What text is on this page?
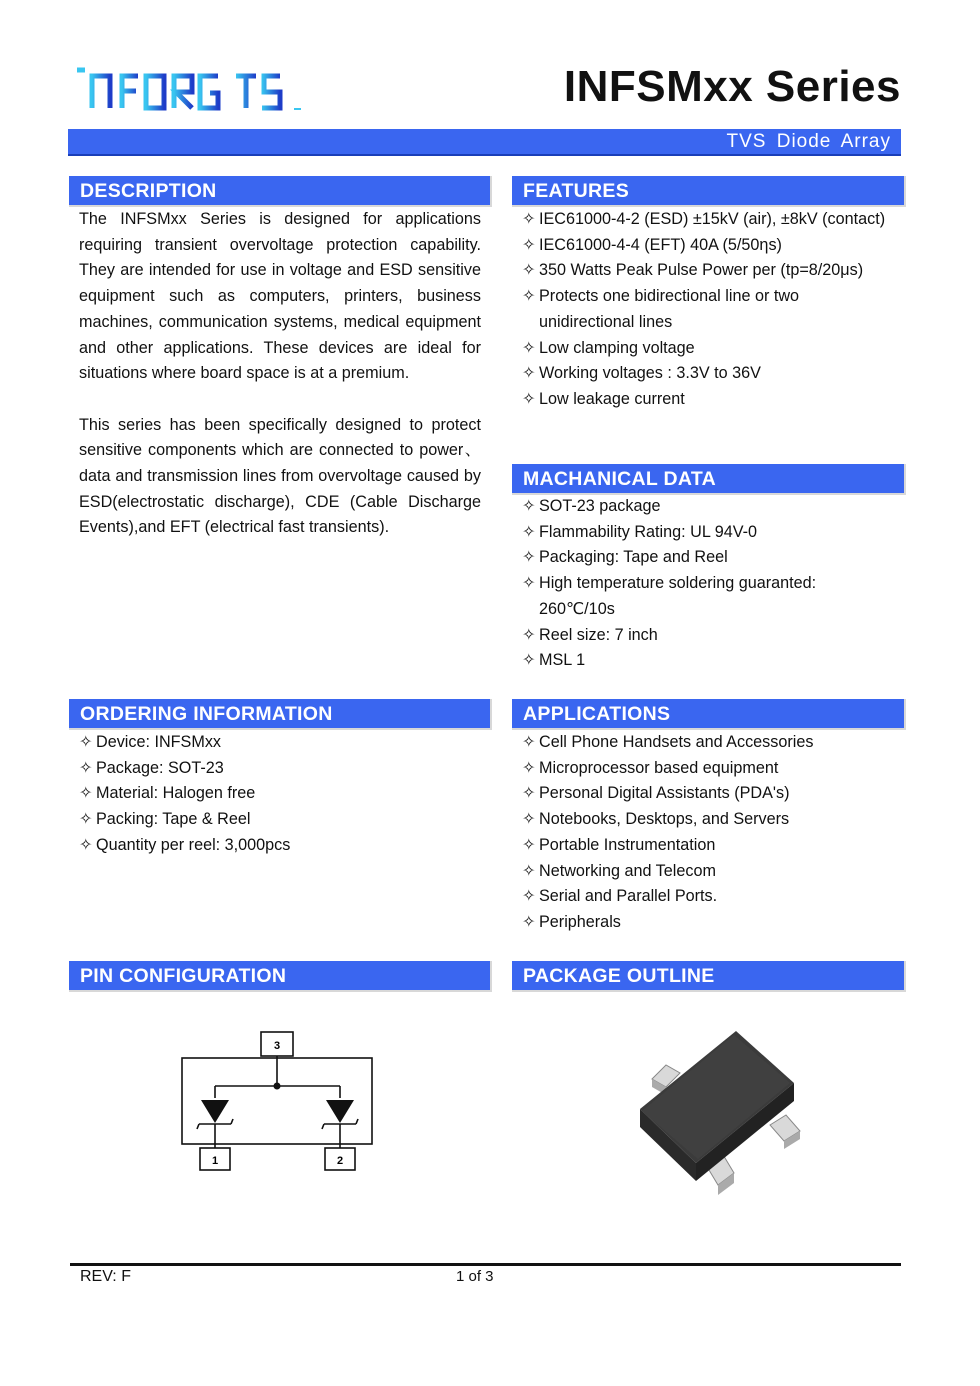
INFSMxx Series
TVS Diode Array
DESCRIPTION

The INFSMxx Series is designed for applications requiring transient overvoltage protection capability. They are intended for use in voltage and ESD sensitive equipment such as computers, printers, business machines, communication systems, medical equipment and other applications. These devices are ideal for situations where board space is at a premium.

This series has been specifically designed to protect sensitive components which are connected to power、data and transmission lines from overvoltage caused by ESD(electrostatic discharge), CDE (Cable Discharge Events),and EFT (electrical fast transients).

FEATURES
✧ IEC61000-4-2 (ESD) ±15kV (air), ±8kV (contact)
✧ IEC61000-4-4 (EFT) 40A (5/50ηs)
✧ 350 Watts Peak Pulse Power per (tp=8/20μs)
✧ Protects one bidirectional line or two unidirectional lines
✧ Low clamping voltage
✧ Working voltages : 3.3V to 36V
✧ Low leakage current
MACHANICAL DATA
✧ SOT-23 package
✧ Flammability Rating: UL 94V-0
✧ Packaging: Tape and Reel
✧ High temperature soldering guaranted: 260℃/10s
✧ Reel size: 7 inch
✧ MSL 1
ORDERING INFORMATION
✧ Device: INFSMxx
✧ Package: SOT-23
✧ Material: Halogen free
✧ Packing: Tape & Reel
✧ Quantity per reel: 3,000pcs
APPLICATIONS
✧ Cell Phone Handsets and Accessories
✧ Microprocessor based equipment
✧ Personal Digital Assistants (PDA's)
✧ Notebooks, Desktops, and Servers
✧ Portable Instrumentation
✧ Networking and Telecom
✧ Serial and Parallel Ports.
✧ Peripherals
PIN CONFIGURATION
3
1	2
PACKAGE OUTLINE
REV: F	1 of 3
